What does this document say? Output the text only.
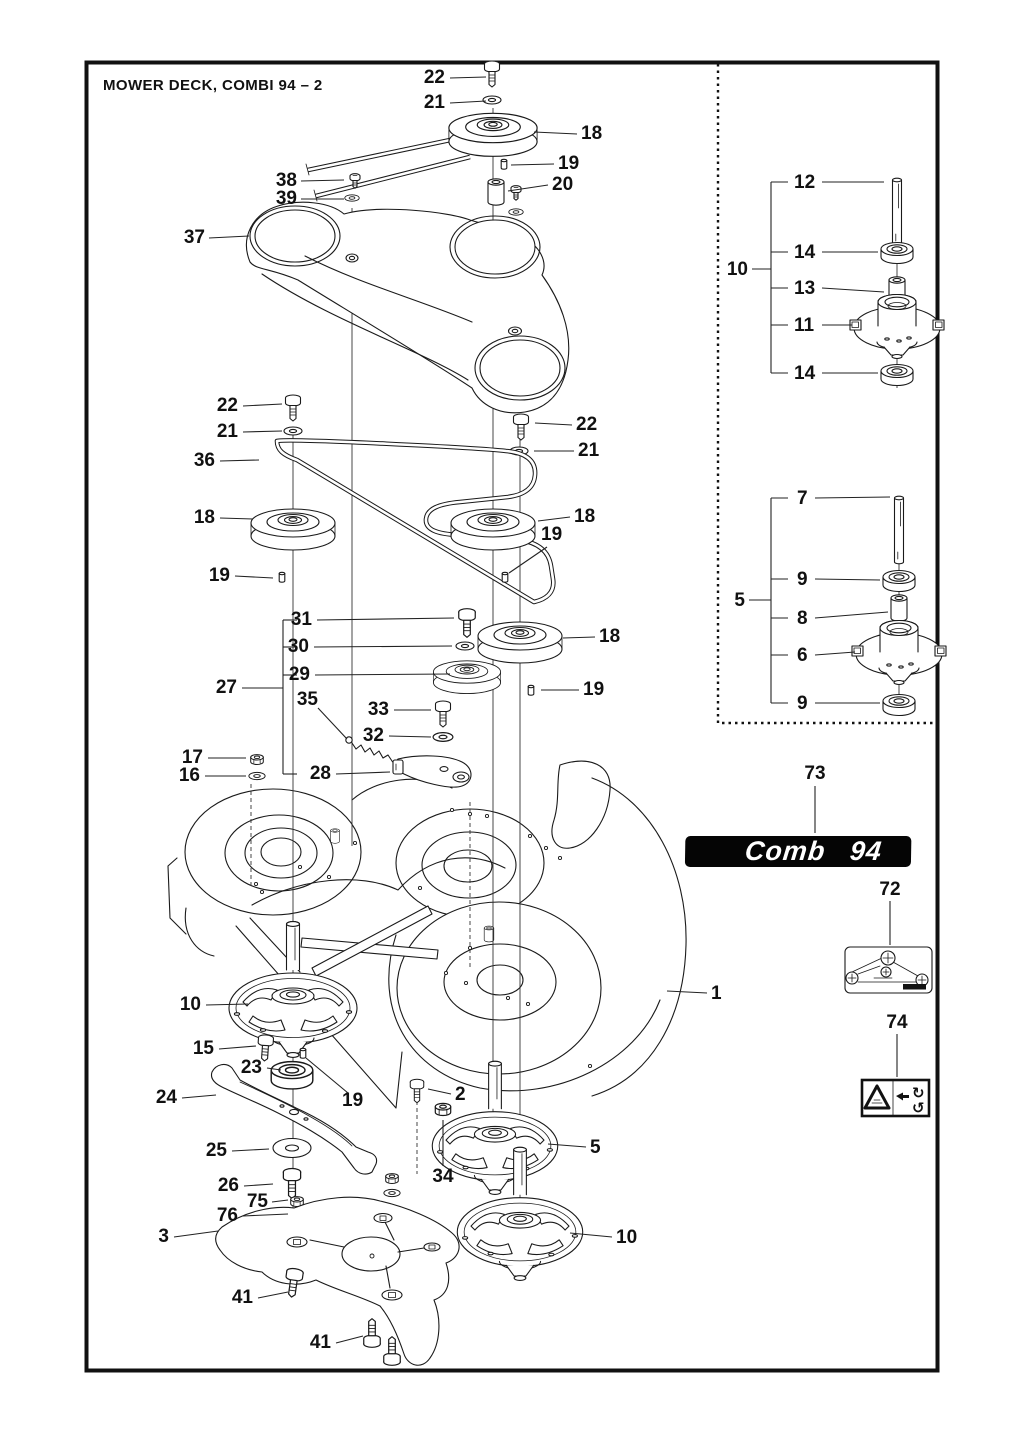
MOWER DECK, COMBI 94 – 2
Comb 94
↻
↺
22
21
18
19
20
38
39
37
12
14
10
13
11
14
7
9
5
8
6
9
22
21
36
18
19
22
21
18
19
18
19
31
30
29
27
35	33
32
28
17
16	73
72
1
74
10
15
23
24	19
25
26
75
76
3
41
41
2
34
5
10
